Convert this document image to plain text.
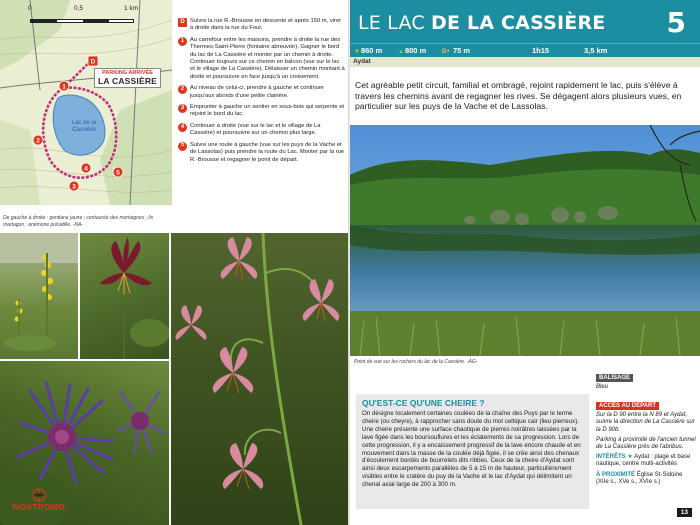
1
2
3
4
5
D
0	0,5	1 km
PARKING ARRIVÉE
LA CASSIÈRE
Lac de la Cassière
De gauche à droite : gentiane jaune ; centaurée des montagnes ; lis martagon ; anémone pulsatille. -NA-
D Suivre la rue R.-Brousse en descente et après 150 m, virer à droite dans la rue du Four.
1	Au carrefour entre les maisons, prendre à droite la rue des Thermes-Saint-Pierre (fontaine abreuvoir). Gagner le bord du lac de La Cassière et monter par un chemin à droite. Continuer toujours sur ce chemin en balcon (vue sur le lac et le village de La Cassière). Délaisser un chemin montant à droite et poursuivre en face jusqu'à un croisement.
2	Au niveau de celui-ci, prendre à gauche et continuer jusqu'aux abords d'une petite clairière.
3	Emprunter à gauche un sentier en sous-bois qui serpente et rejoint le bord du lac.
4	Continuer à droite (vue sur le lac et le village de La Cassière) et poursuivre sur un chemin plus large.
5	Suivre une route à gauche (vue sur les puys de la Vache et de Lassolas) puis prendre la route du Lac. Monter par la rue R.-Brousse et regagner le point de départ.
NOSTROMO
ÉDITIONS
LE LAC DE LA CASSIÈRE 5
▼860 m	▲800 m	D+ 75 m	1h15	3,5 km
Aydat

Cet agréable petit circuit, familial et ombragé, rejoint rapidement le lac, puis s'élève à travers les chemins avant de regagner les rives. Se dégagent alors plusieurs vues, en particulier sur les puys de la Vache et de Lassolas.

Point de vue sur les rochers du lac de la Cassière. -AG-
QU'EST-CE QU'UNE CHEIRE ?

On désigne localement certaines coulées de la chaîne des Puys par le terme cheire (ou cheyre), à rapprocher sans doute du mot celtique cair (lieu pierreux). Une cheire présente une surface chaotique de pierres noirâtres laissées par la lave figée dans les boursouflures et les éclatements de sa progression. Lors de cette progression, il y a encaissement progressif de la lave encore chaude et en mouvement dans la masse de la coulée déjà figée, il se crée ainsi des chenaux d'écoulement bordés de bourrelets dits ribbes. Ceux de la cheire d'Aydat sont ainsi deux escarpements parallèles de 5 à 15 m de hauteur, particulièrement visibles entre le cratère du puy de la Vache et le lac d'Aydat qui délimitent un chenal axial large de 200 à 300 m.

BALISAGE

Bleu

ACCÈS AU DÉPART

Sur la D 90 entre la N 89 et Aydat, suivre la direction de La Cassière sur la D 90b.

Parking à proximité de l'ancien tunnel de La Cassière près de l'abribus.

INTÉRÊTS ★ Aydat : plage et base nautique, centre multi-activités

À PROXIMITÉ Église St-Sidoine (XIIe s., XVe s., XVIe s.)

13
